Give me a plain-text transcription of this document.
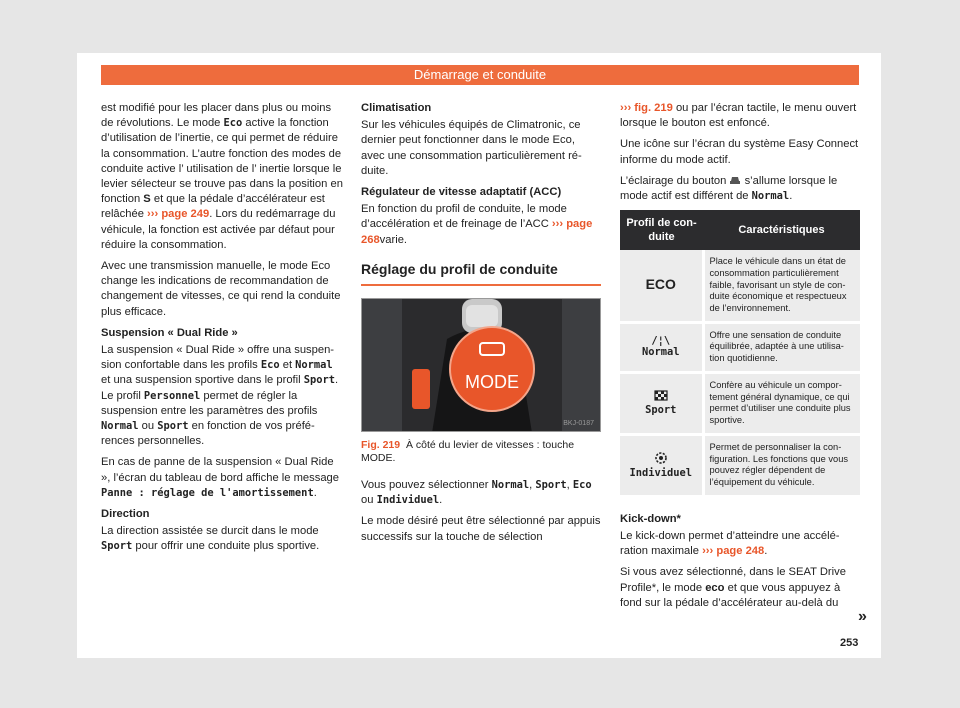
Démarrage et conduite

est modifié pour les placer dans plus ou moins de révolutions. Le mode Eco active la fonction d’utilisation de l’inertie, ce qui permet de réduire la consommation. L’autre fonction des modes de conduite active l’ utilisation de l’ inertie lorsque le levier sélecteur se trouve pas dans la position en fonction S et que la pédale d’accélérateur est relâchée ››› page 249. Lors du redémarrage du véhicule, la fonction est activée par défaut pour réduire la consommation.

Avec une transmission manuelle, le mode Eco change les indications de recommandation de changement de vitesses, ce qui rend la conduite plus efficace.

Suspension « Dual Ride »

La suspension « Dual Ride » offre una suspension confortable dans les profils Eco et Normal et una suspension sportive dans le profil Sport. Le profil Personnel permet de régler la suspension entre les paramètres des profils Normal ou Sport en fonction de vos préférences personnelles.

En cas de panne de la suspension « Dual Ride », l’écran du tableau de bord affiche le message Panne : réglage de l'amortissement.

Direction

La direction assistée se durcit dans le mode Sport pour offrir une conduite plus sportive.

Climatisation

Sur les véhicules équipés de Climatronic, ce dernier peut fonctionner dans le mode Eco, avec une consommation particulièrement réduite.

Régulateur de vitesse adaptatif (ACC)

En fonction du profil de conduite, le mode d’accélération et de freinage de l’ACC ››› page 268varie.

Réglage du profil de conduite
MODE
BKJ-0187
Fig. 219 À côté du levier de vitesses : touche MODE.

Vous pouvez sélectionner Normal, Sport, Eco ou Individuel.

Le mode désiré peut être sélectionné par appuis successifs sur la touche de sélection

››› fig. 219 ou par l’écran tactile, le menu ouvert lorsque le bouton est enfoncé.

Une icône sur l’écran du système Easy Connect informe du mode actif.

L’éclairage du bouton  s’allume lorsque le mode actif est différent de Normal.

Profil de conduite	Caractéristiques
ECO	Place le véhicule dans un état de consommation particulièrement faible, favorisant un style de conduite économique et respectueux de l’environnement.

/¦\
Normal	Offre une sensation de conduite équilibrée, adaptée à une utilisation quotidienne.

Sport	Confère au véhicule un comportement général dynamique, ce qui permet d’utiliser une conduite plus sportive.

Individuel	Permet de personnaliser la configuration. Les fonctions que vous pouvez régler dépendent de l’équipement du véhicule.
Kick-down*

Le kick-down permet d’atteindre une accélération maximale ››› page 248.

Si vous avez sélectionné, dans le SEAT Drive Profile*, le mode eco et que vous appuyez à fond sur la pédale d’accélérateur au-delà du

»
253
